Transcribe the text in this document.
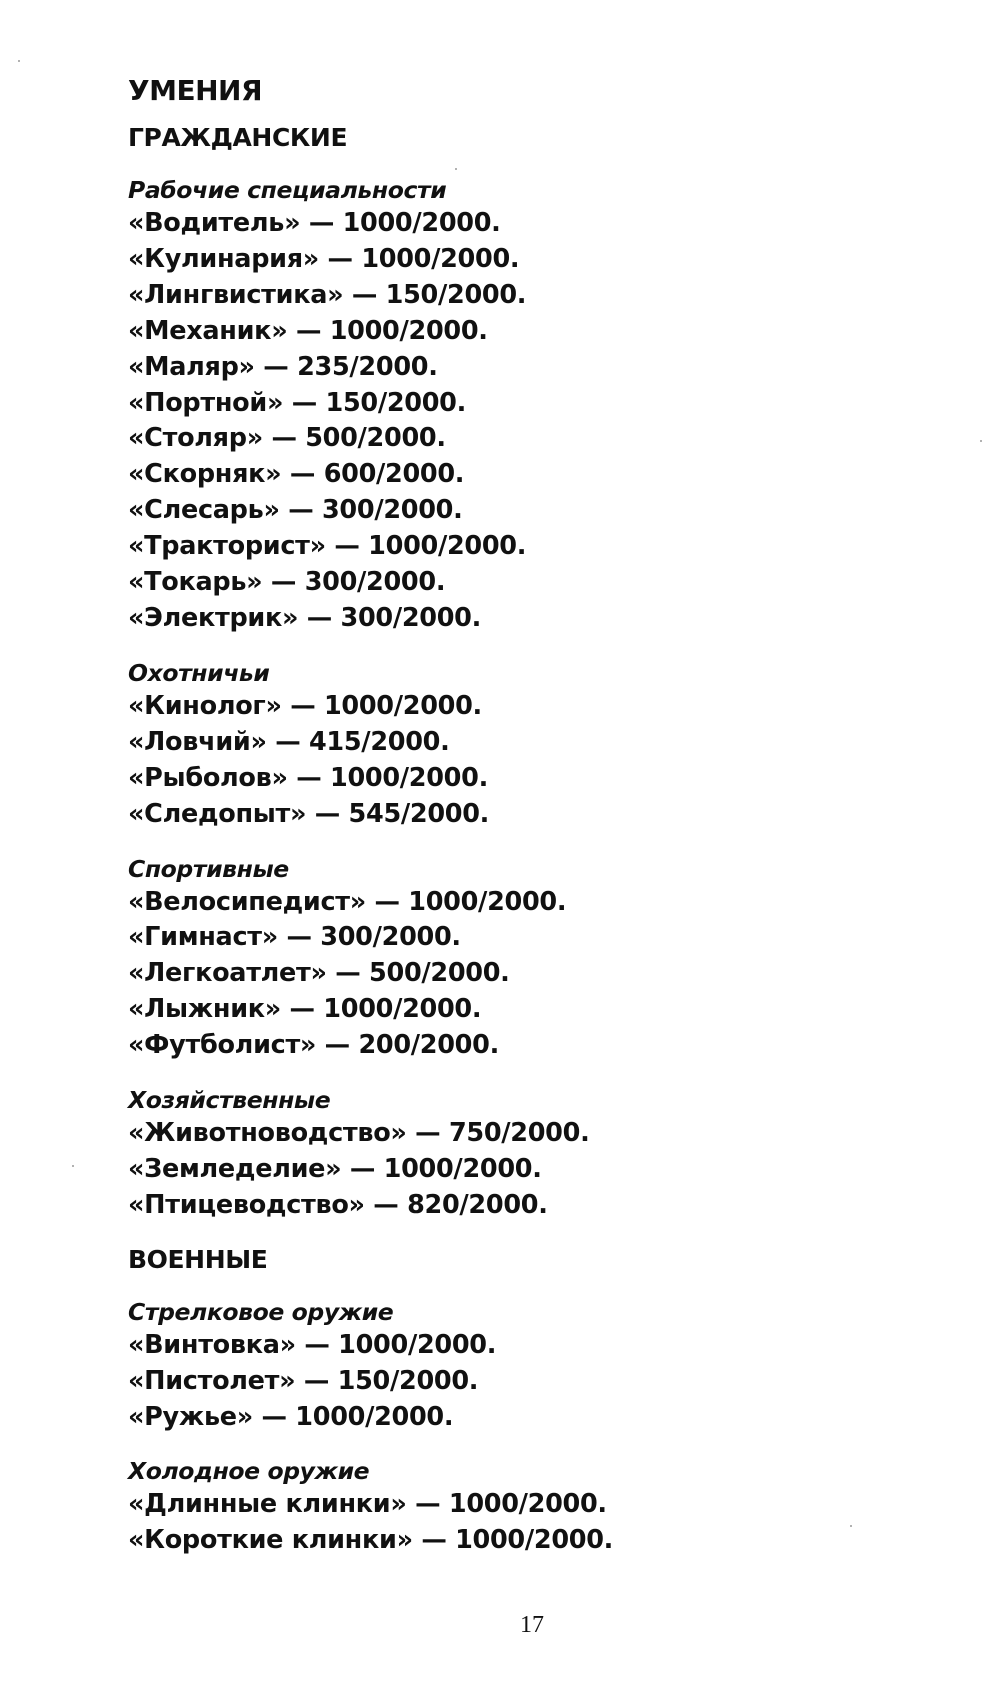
УМЕНИЯ
ГРАЖДАНСКИЕ
Рабочие специальности
«Водитель» — 1000/2000.
«Кулинария» — 1000/2000.
«Лингвистика» — 150/2000.
«Механик» — 1000/2000.
«Маляр» — 235/2000.
«Портной» — 150/2000.
«Столяр» — 500/2000.
«Скорняк» — 600/2000.
«Слесарь» — 300/2000.
«Тракторист» — 1000/2000.
«Токарь» — 300/2000.
«Электрик» — 300/2000.
Охотничьи
«Кинолог» — 1000/2000.
«Ловчий» — 415/2000.
«Рыболов» — 1000/2000.
«Следопыт» — 545/2000.
Спортивные
«Велосипедист» — 1000/2000.
«Гимнаст» — 300/2000.
«Легкоатлет» — 500/2000.
«Лыжник» — 1000/2000.
«Футболист» — 200/2000.
Хозяйственные
«Животноводство» — 750/2000.
«Земледелие» — 1000/2000.
«Птицеводство» — 820/2000.
ВОЕННЫЕ
Стрелковое оружие
«Винтовка» — 1000/2000.
«Пистолет» — 150/2000.
«Ружье» — 1000/2000.
Холодное оружие
«Длинные клинки» — 1000/2000.
«Короткие клинки» — 1000/2000.
17
